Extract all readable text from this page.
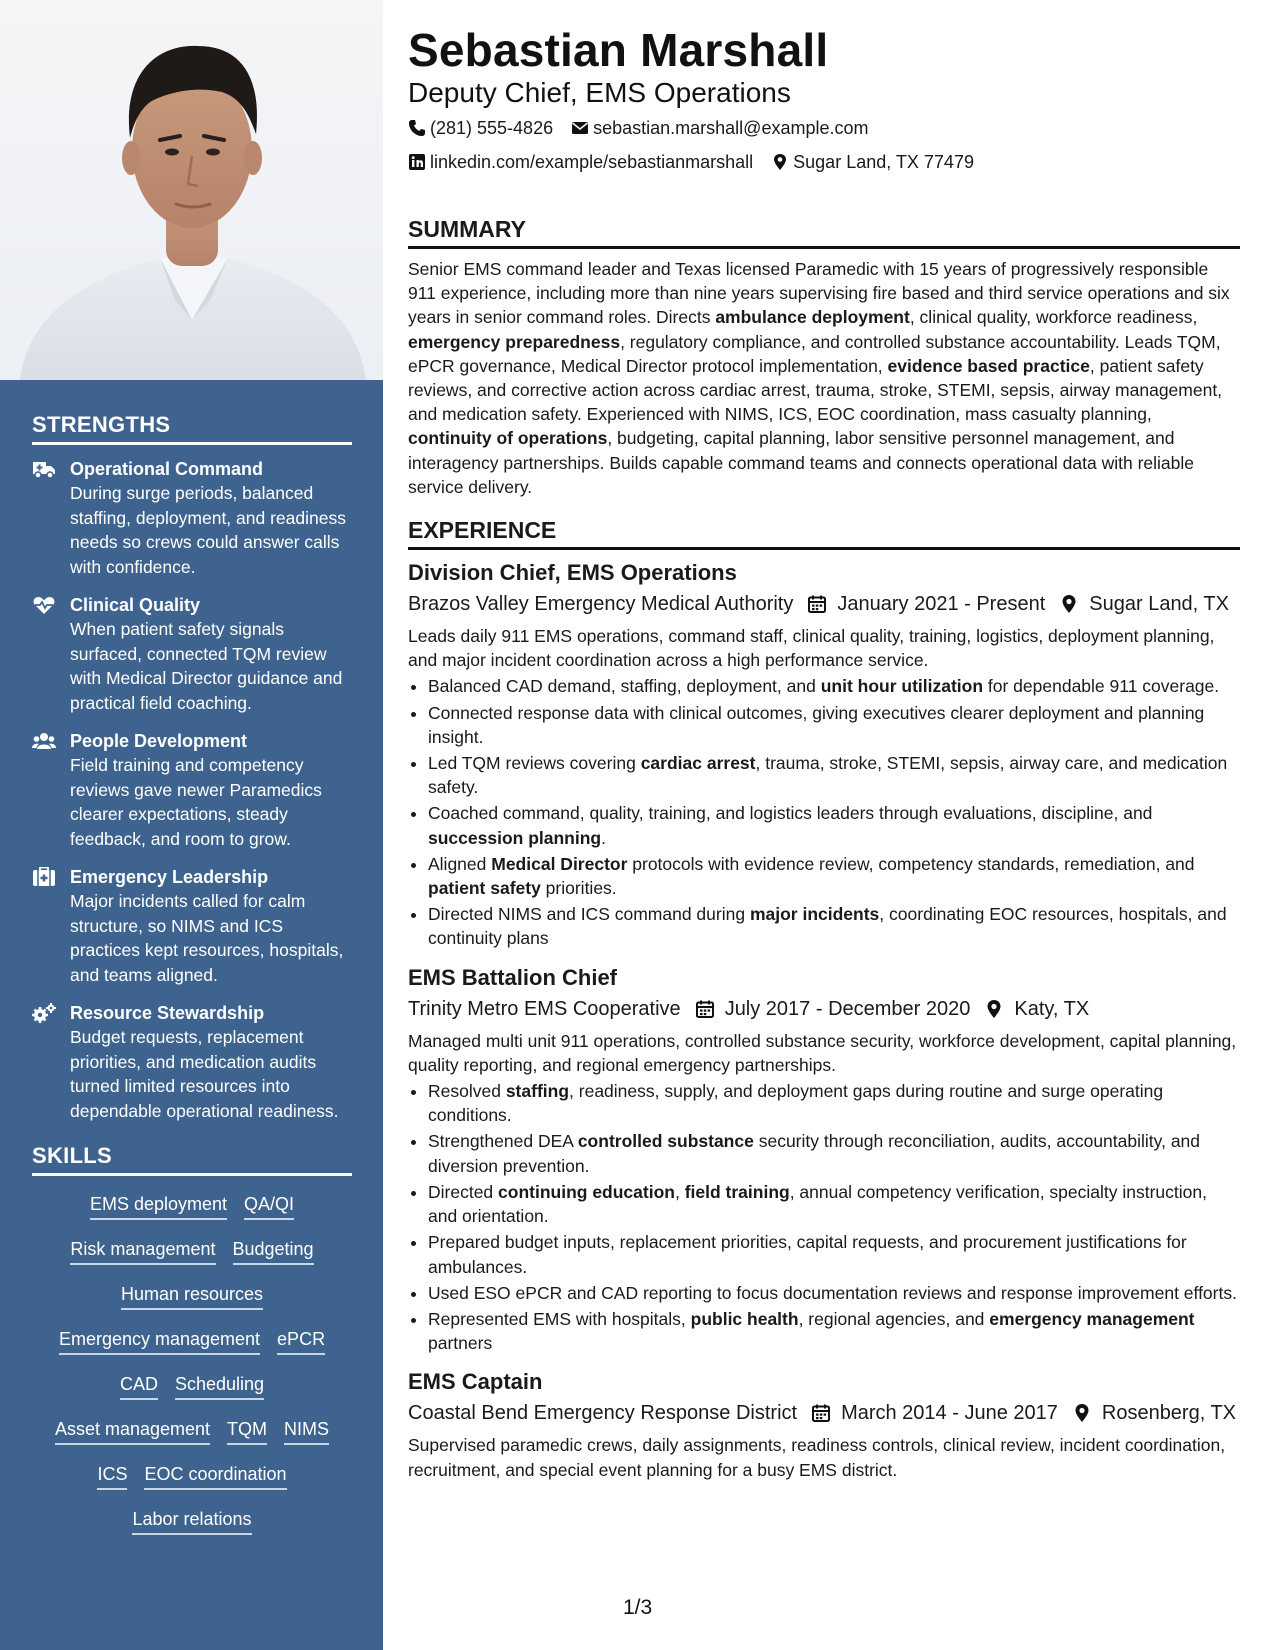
STRENGTHS
Operational Command
During surge periods, balanced staffing, deployment, and readiness needs so crews could answer calls with confidence.
Clinical Quality
When patient safety signals surfaced, connected TQM review with Medical Director guidance and practical field coaching.
People Development
Field training and competency reviews gave newer Paramedics clearer expectations, steady feedback, and room to grow.
Emergency Leadership
Major incidents called for calm structure, so NIMS and ICS practices kept resources, hospitals, and teams aligned.
Resource Stewardship
Budget requests, replacement priorities, and medication audits turned limited resources into dependable operational readiness.
SKILLS
EMS deployment QA/QI
Risk management Budgeting
Human resources
Emergency management ePCR
CAD Scheduling
Asset management TQM NIMS
ICS EOC coordination
Labor relations
Sebastian Marshall
Deputy Chief, EMS Operations
(281) 555-4826 sebastian.marshall@example.com
linkedin.com/example/sebastianmarshall Sugar Land, TX 77479
SUMMARY
Senior EMS command leader and Texas licensed Paramedic with 15 years of progressively responsible 911 experience, including more than nine years supervising fire based and third service operations and six years in senior command roles. Directs ambulance deployment, clinical quality, workforce readiness, emergency preparedness, regulatory compliance, and controlled substance accountability. Leads TQM, ePCR governance, Medical Director protocol implementation, evidence based practice, patient safety reviews, and corrective action across cardiac arrest, trauma, stroke, STEMI, sepsis, airway management, and medication safety. Experienced with NIMS, ICS, EOC coordination, mass casualty planning, continuity of operations, budgeting, capital planning, labor sensitive personnel management, and interagency partnerships. Builds capable command teams and connects operational data with reliable service delivery.
EXPERIENCE
Division Chief, EMS Operations
Brazos Valley Emergency Medical Authority January 2021 - Present Sugar Land, TX
Leads daily 911 EMS operations, command staff, clinical quality, training, logistics, deployment planning, and major incident coordination across a high performance service.
• Balanced CAD demand, staffing, deployment, and unit hour utilization for dependable 911 coverage.
• Connected response data with clinical outcomes, giving executives clearer deployment and planning insight.
• Led TQM reviews covering cardiac arrest, trauma, stroke, STEMI, sepsis, airway care, and medication safety.
• Coached command, quality, training, and logistics leaders through evaluations, discipline, and succession planning.
• Aligned Medical Director protocols with evidence review, competency standards, remediation, and patient safety priorities.
• Directed NIMS and ICS command during major incidents, coordinating EOC resources, hospitals, and continuity plans
EMS Battalion Chief
Trinity Metro EMS Cooperative July 2017 - December 2020 Katy, TX
Managed multi unit 911 operations, controlled substance security, workforce development, capital planning, quality reporting, and regional emergency partnerships.
• Resolved staffing, readiness, supply, and deployment gaps during routine and surge operating conditions.
• Strengthened DEA controlled substance security through reconciliation, audits, accountability, and diversion prevention.
• Directed continuing education, field training, annual competency verification, specialty instruction, and orientation.
• Prepared budget inputs, replacement priorities, capital requests, and procurement justifications for ambulances.
• Used ESO ePCR and CAD reporting to focus documentation reviews and response improvement efforts.
• Represented EMS with hospitals, public health, regional agencies, and emergency management partners
EMS Captain
Coastal Bend Emergency Response District March 2014 - June 2017 Rosenberg, TX
Supervised paramedic crews, daily assignments, readiness controls, clinical review, incident coordination, recruitment, and special event planning for a busy EMS district.
1/3
